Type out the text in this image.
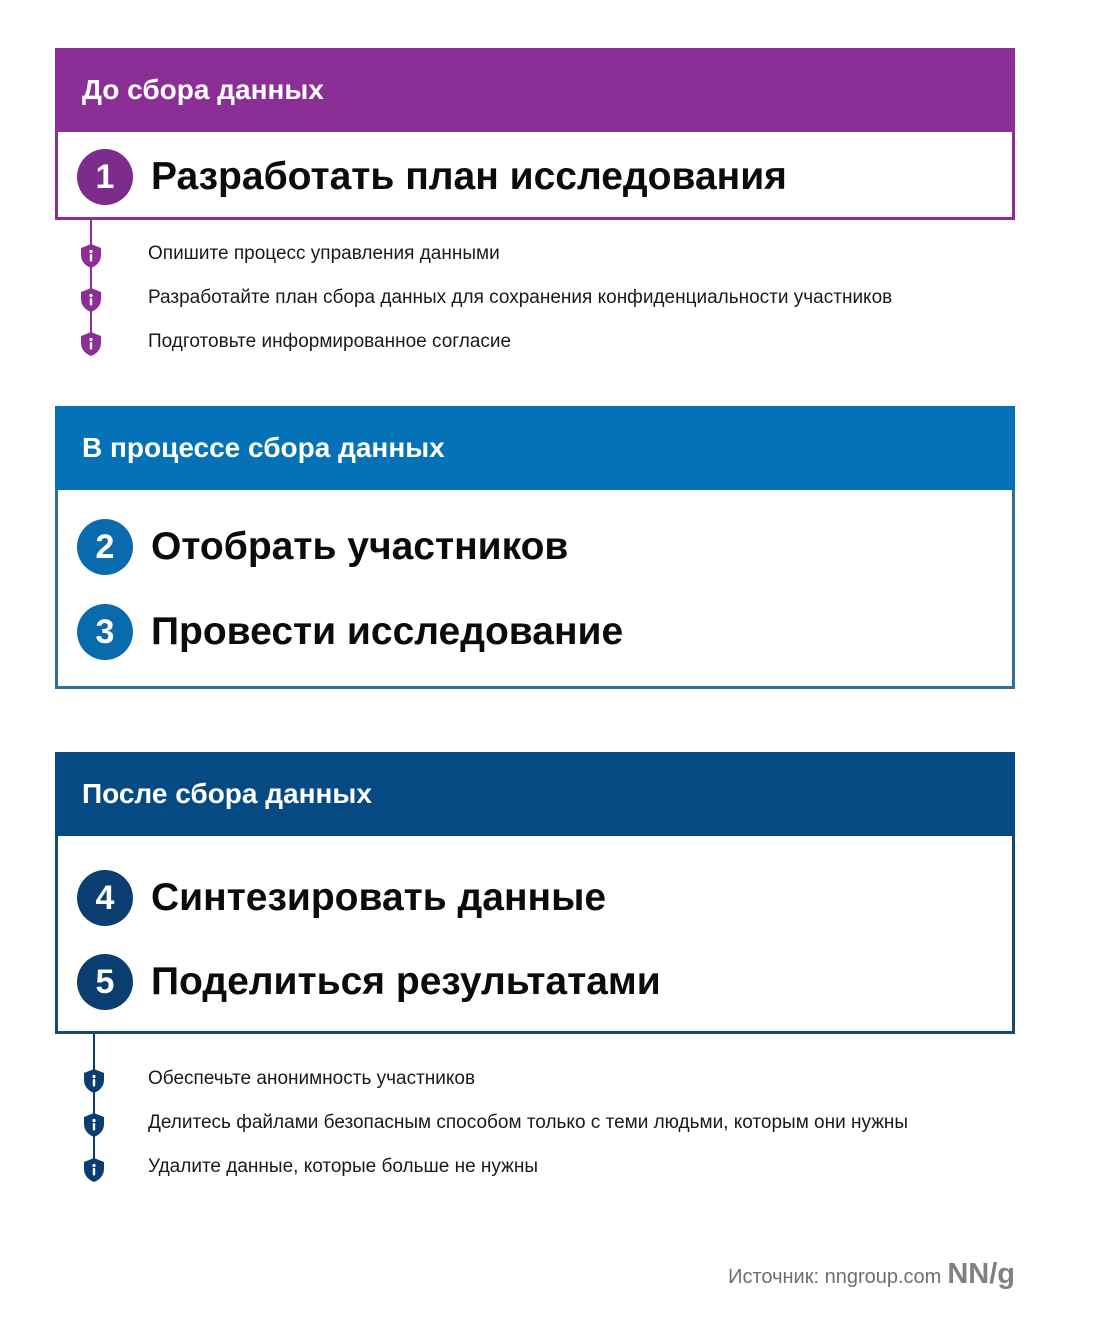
До сбора данных
1 Разработать план исследования
Опишите процесс управления данными
Разработайте план сбора данных для сохранения конфиденциальности участников
Подготовьте информированное согласие
В процессе сбора данных
2 Отобрать участников
3 Провести исследование
После сбора данных
4 Синтезировать данные
5 Поделиться результатами
Обеспечьте анонимность участников
Делитесь файлами безопасным способом только с теми людьми, которым они нужны
Удалите данные, которые больше не нужны
Источник: nngroup.com NN/g
